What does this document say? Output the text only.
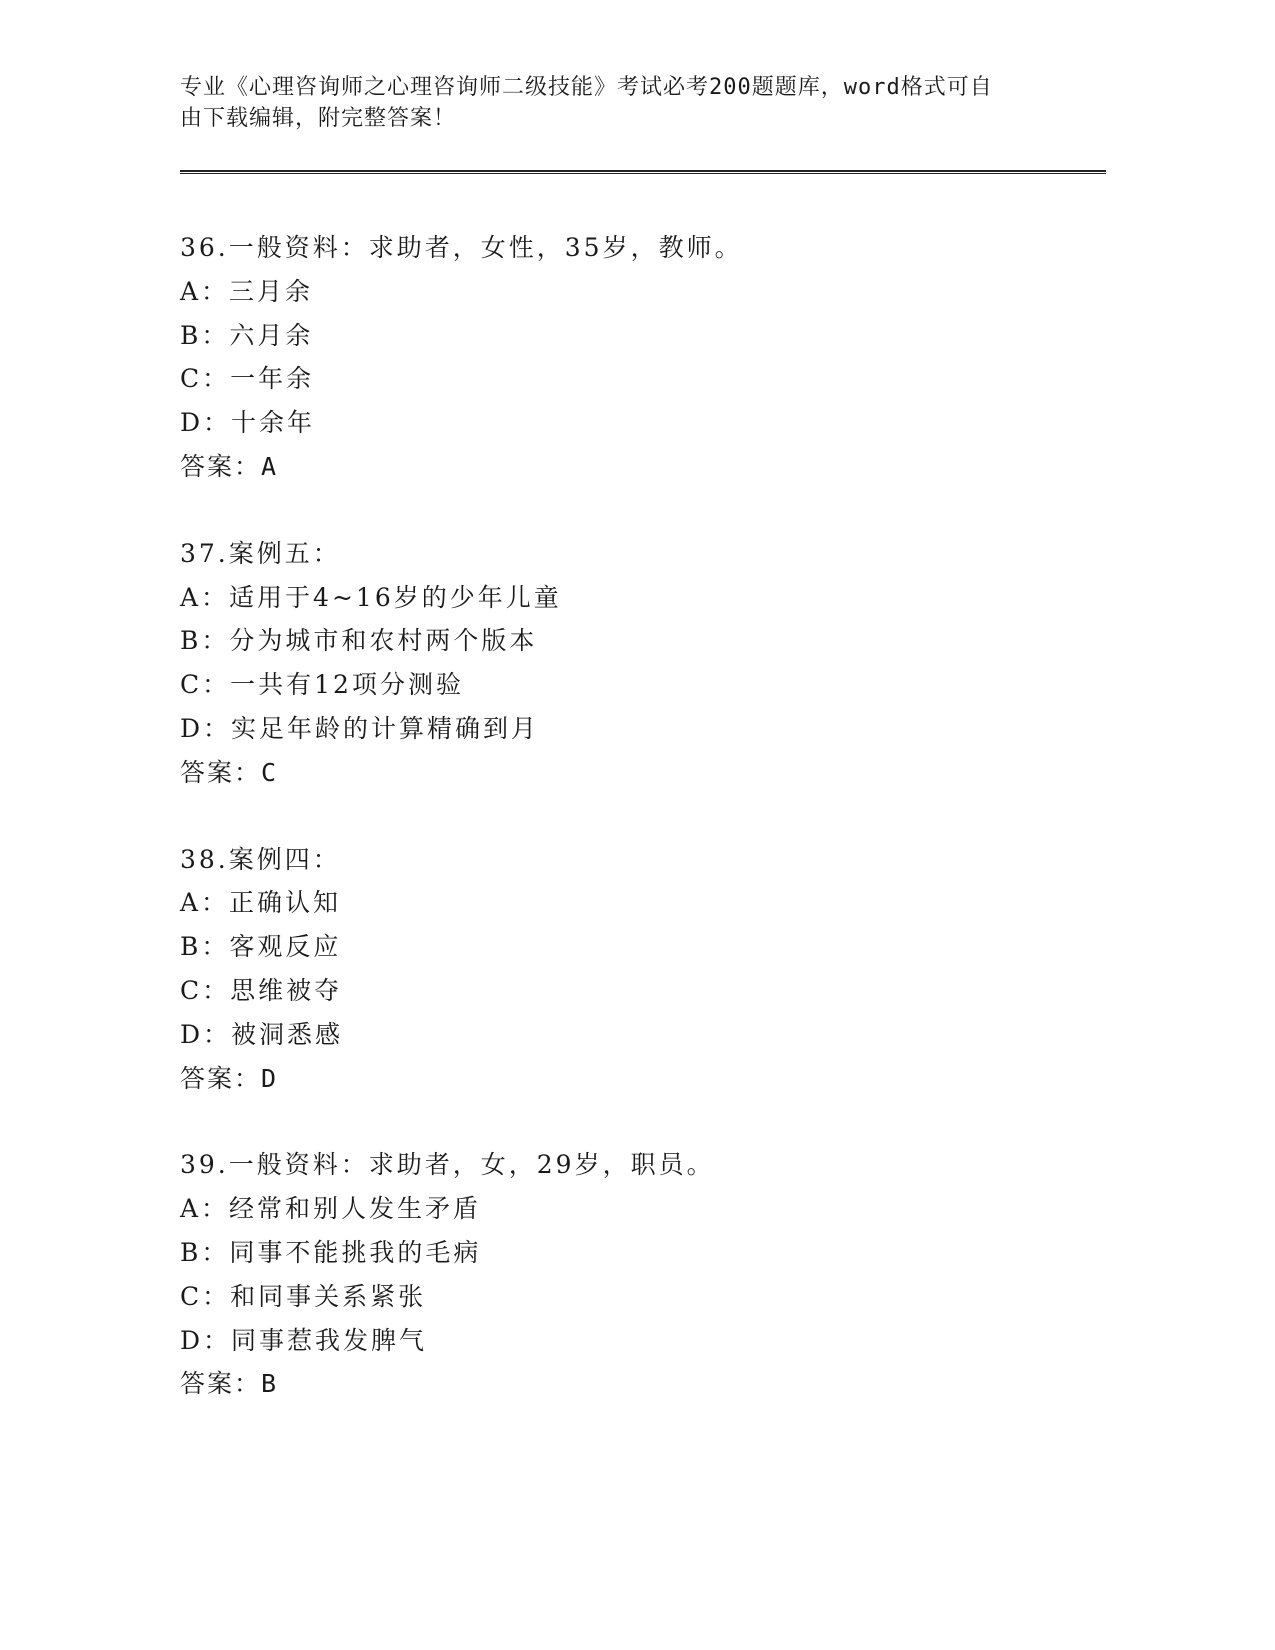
专业《心理咨询师之心理咨询师二级技能》考试必考200题题库，word格式可自
由下载编辑，附完整答案！
36.一般资料：求助者，女性，35岁，教师。
A：三月余
B：六月余
C：一年余
D：十余年
答案：A
37.案例五：
A：适用于4~16岁的少年儿童
B：分为城市和农村两个版本
C：一共有12项分测验
D：实足年龄的计算精确到月
答案：C
38.案例四：
A：正确认知
B：客观反应
C：思维被夺
D：被洞悉感
答案：D
39.一般资料：求助者，女，29岁，职员。
A：经常和别人发生矛盾
B：同事不能挑我的毛病
C：和同事关系紧张
D：同事惹我发脾气
答案：B
